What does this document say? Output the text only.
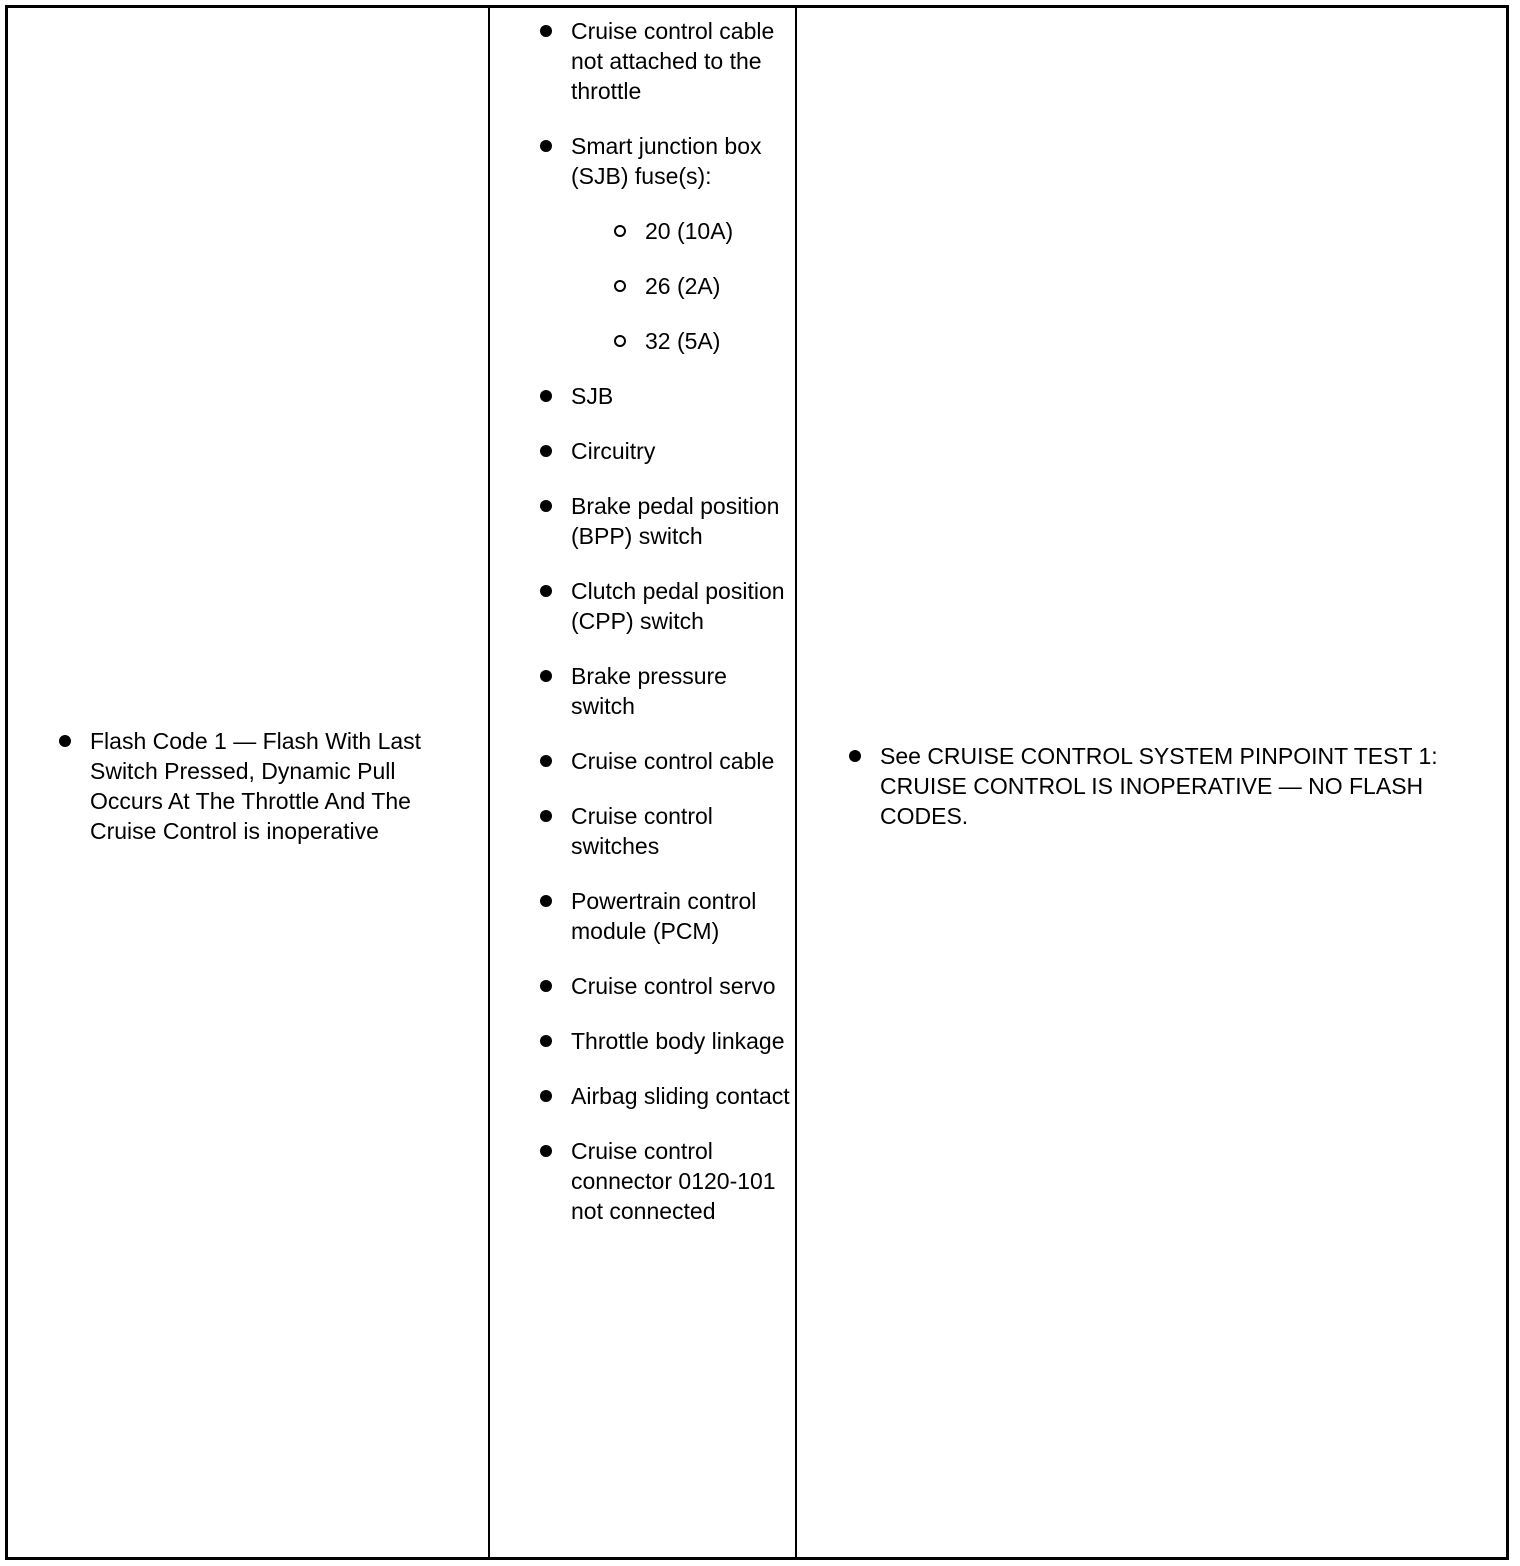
Flash Code 1 — Flash With Last Switch Pressed, Dynamic Pull Occurs At The Throttle And The Cruise Control is inoperative
Cruise control cable not attached to the throttle
Smart junction box (SJB) fuse(s):
20 (10A)
26 (2A)
32 (5A)
SJB
Circuitry
Brake pedal position (BPP) switch
Clutch pedal position (CPP) switch
Brake pressure switch
Cruise control cable
Cruise control switches
Powertrain control module (PCM)
Cruise control servo
Throttle body linkage
Airbag sliding contact
Cruise control connector 0120-101 not connected
See CRUISE CONTROL SYSTEM PINPOINT TEST 1: CRUISE CONTROL IS INOPERATIVE — NO FLASH CODES.
